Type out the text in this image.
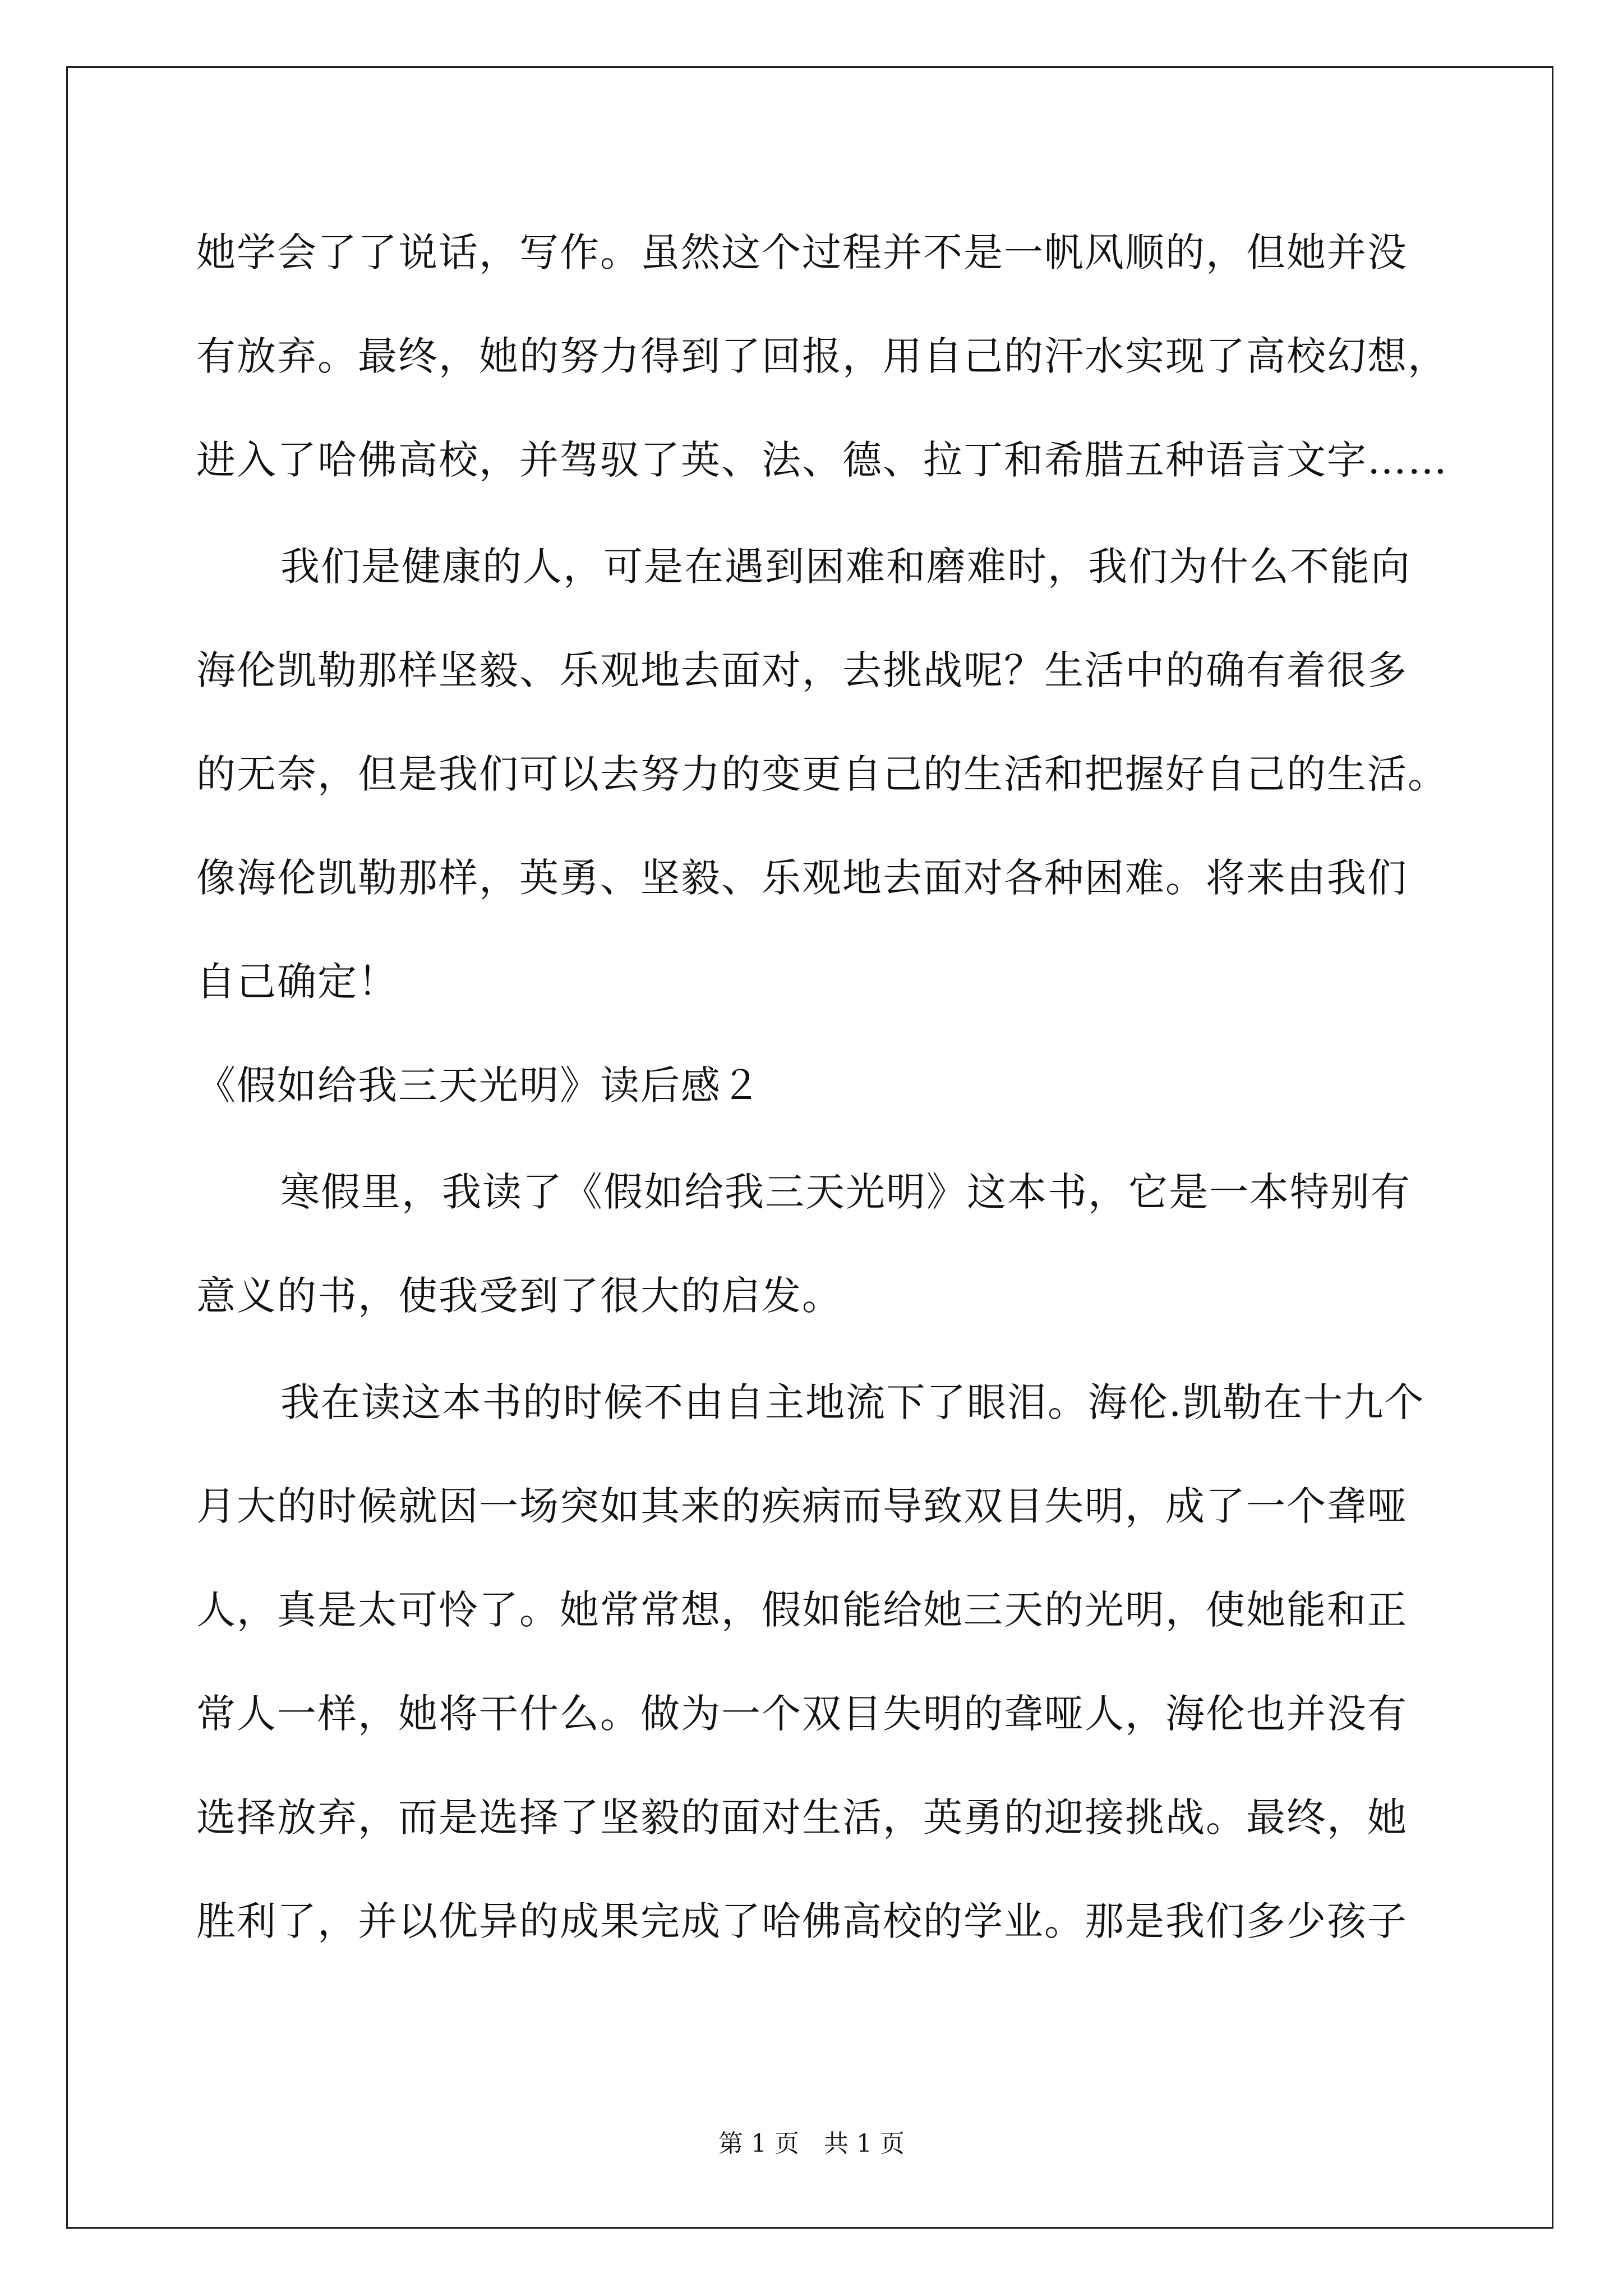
她学会了了说话，写作。虽然这个过程并不是一帆风顺的，但她并没
有放弃。最终，她的努力得到了回报，用自己的汗水实现了高校幻想，
进入了哈佛高校，并驾驭了英、法、德、拉丁和希腊五种语言文字……
我们是健康的人，可是在遇到困难和磨难时，我们为什么不能向
海伦凯勒那样坚毅、乐观地去面对，去挑战呢？生活中的确有着很多
的无奈，但是我们可以去努力的变更自己的生活和把握好自己的生活。
像海伦凯勒那样，英勇、坚毅、乐观地去面对各种困难。将来由我们
自己确定！
《假如给我三天光明》读后感２
寒假里，我读了《假如给我三天光明》这本书，它是一本特别有
意义的书，使我受到了很大的启发。
我在读这本书的时候不由自主地流下了眼泪。海伦.凯勒在十九个
月大的时候就因一场突如其来的疾病而导致双目失明，成了一个聋哑
人，真是太可怜了。她常常想，假如能给她三天的光明，使她能和正
常人一样，她将干什么。做为一个双目失明的聋哑人，海伦也并没有
选择放弃，而是选择了坚毅的面对生活，英勇的迎接挑战。最终，她
胜利了，并以优异的成果完成了哈佛高校的学业。那是我们多少孩子
第 1 页　共 1 页
